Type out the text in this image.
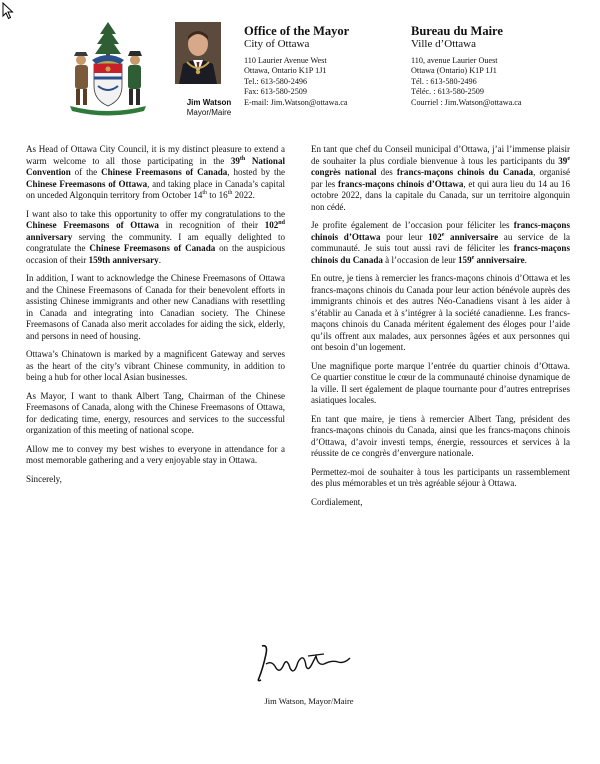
Jim Watson
Mayor/Maire
Office of the Mayor
City of Ottawa
110 Laurier Avenue West
Ottawa, Ontario K1P 1J1
Tel.: 613-580-2496
Fax: 613-580-2509
E-mail: Jim.Watson@ottawa.ca
Bureau du Maire
Ville d’Ottawa
110, avenue Laurier Ouest
Ottawa (Ontario) K1P 1J1
Tél. : 613-580-2496
Téléc. : 613-580-2509
Courriel : Jim.Watson@ottawa.ca

As Head of Ottawa City Council, it is my distinct pleasure to extend a warm welcome to all those participating in the 39th National Convention of the Chinese Freemasons of Canada, hosted by the Chinese Freemasons of Ottawa, and taking place in Canada’s capital on unceded Algonquin territory from October 14th to 16th 2022.

I want also to take this opportunity to offer my congratulations to the Chinese Freemasons of Ottawa in recognition of their 102nd anniversary serving the community. I am equally delighted to congratulate the Chinese Freemasons of Canada on the auspicious occasion of their 159th anniversary.

In addition, I want to acknowledge the Chinese Freemasons of Ottawa and the Chinese Freemasons of Canada for their benevolent efforts in assisting Chinese immigrants and other new Canadians with resettling in Canada and integrating into Canadian society. The Chinese Freemasons of Canada also merit accolades for aiding the sick, elderly, and persons in need of housing.

Ottawa’s Chinatown is marked by a magnificent Gateway and serves as the heart of the city’s vibrant Chinese community, in addition to being a hub for other local Asian businesses.

As Mayor, I want to thank Albert Tang, Chairman of the Chinese Freemasons of Canada, along with the Chinese Freemasons of Ottawa, for dedicating time, energy, resources and services to the successful organization of this meeting of national scope.

Allow me to convey my best wishes to everyone in attendance for a most memorable gathering and a very enjoyable stay in Ottawa.

Sincerely,

En tant que chef du Conseil municipal d’Ottawa, j’ai l’immense plaisir de souhaiter la plus cordiale bienvenue à tous les participants du 39e congrès national des francs-maçons chinois du Canada, organisé par les francs-maçons chinois d’Ottawa, et qui aura lieu du 14 au 16 octobre 2022, dans la capitale du Canada, sur un territoire algonquin non cédé.

Je profite également de l’occasion pour féliciter les francs-maçons chinois d’Ottawa pour leur 102e anniversaire au service de la communauté. Je suis tout aussi ravi de féliciter les francs-maçons chinois du Canada à l’occasion de leur 159e anniversaire.

En outre, je tiens à remercier les francs-maçons chinois d’Ottawa et les francs-maçons chinois du Canada pour leur action bénévole auprès des immigrants chinois et des autres Néo-Canadiens visant à les aider à s’établir au Canada et à s’intégrer à la société canadienne. Les francs-maçons chinois du Canada méritent également des éloges pour l’aide qu’ils offrent aux malades, aux personnes âgées et aux personnes qui ont besoin d’un logement.

Une magnifique porte marque l’entrée du quartier chinois d’Ottawa. Ce quartier constitue le cœur de la communauté chinoise dynamique de la ville. Il sert également de plaque tournante pour d’autres entreprises asiatiques locales.

En tant que maire, je tiens à remercier Albert Tang, président des francs-maçons chinois du Canada, ainsi que les francs-maçons chinois d’Ottawa, d’avoir investi temps, énergie, ressources et services à la réussite de ce congrès d’envergure nationale.

Permettez-moi de souhaiter à tous les participants un rassemblement des plus mémorables et un très agréable séjour à Ottawa.

Cordialement,

Jim Watson, Mayor/Maire
